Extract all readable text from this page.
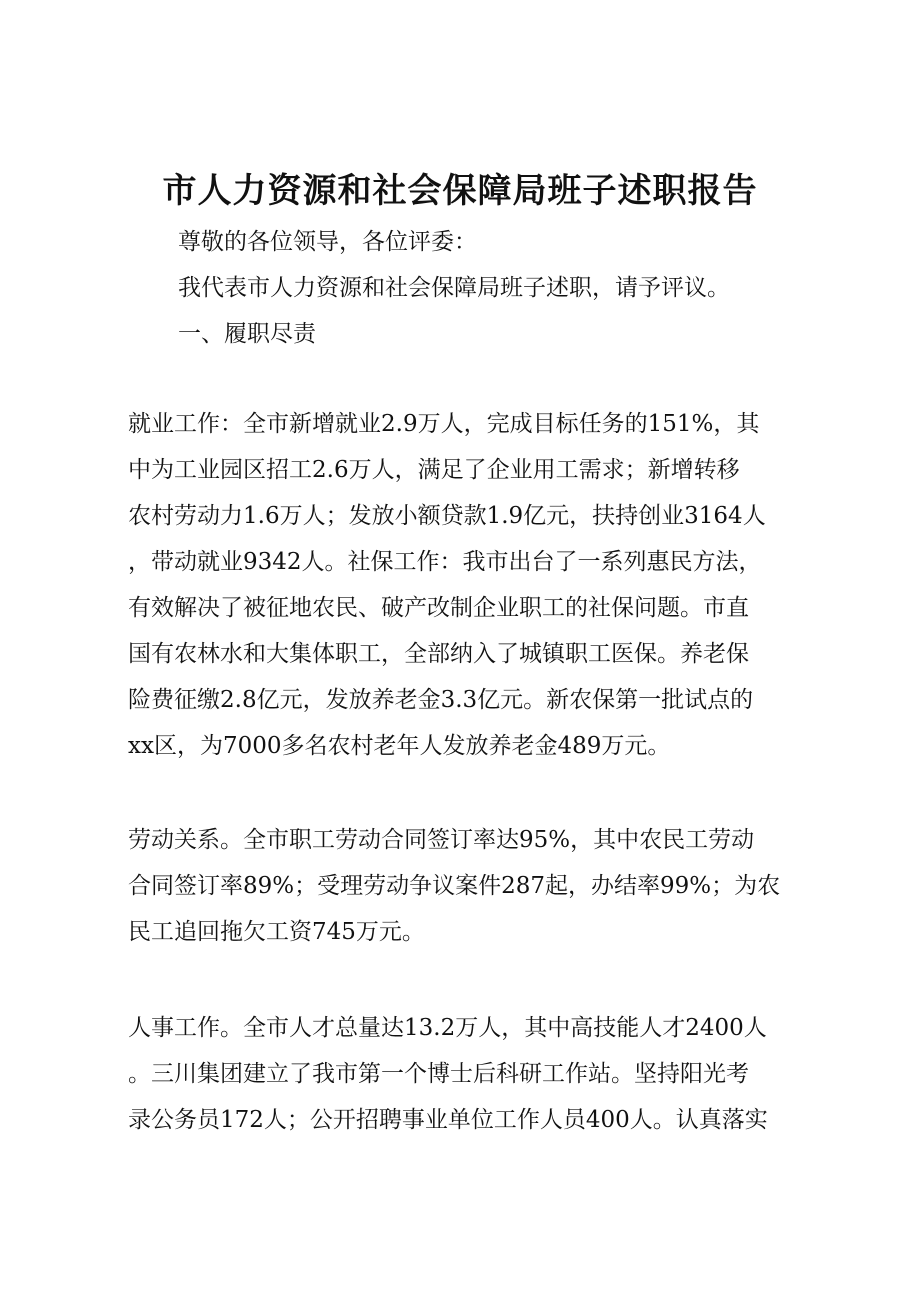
市人力资源和社会保障局班子述职报告
尊敬的各位领导，各位评委：
我代表市人力资源和社会保障局班子述职，请予评议。
一、履职尽责
就业工作：全市新增就业2.9万人，完成目标任务的151%，其
中为工业园区招工2.6万人，满足了企业用工需求；新增转移
农村劳动力1.6万人；发放小额贷款1.9亿元，扶持创业3164人
，带动就业9342人。社保工作：我市出台了一系列惠民方法，
有效解决了被征地农民、破产改制企业职工的社保问题。市直
国有农林水和大集体职工，全部纳入了城镇职工医保。养老保
险费征缴2.8亿元，发放养老金3.3亿元。新农保第一批试点的
xx区，为7000多名农村老年人发放养老金489万元。
劳动关系。全市职工劳动合同签订率达95%，其中农民工劳动
合同签订率89%；受理劳动争议案件287起，办结率99%；为农
民工追回拖欠工资745万元。
人事工作。全市人才总量达13.2万人，其中高技能人才2400人
。三川集团建立了我市第一个博士后科研工作站。坚持阳光考
录公务员172人；公开招聘事业单位工作人员400人。认真落实
